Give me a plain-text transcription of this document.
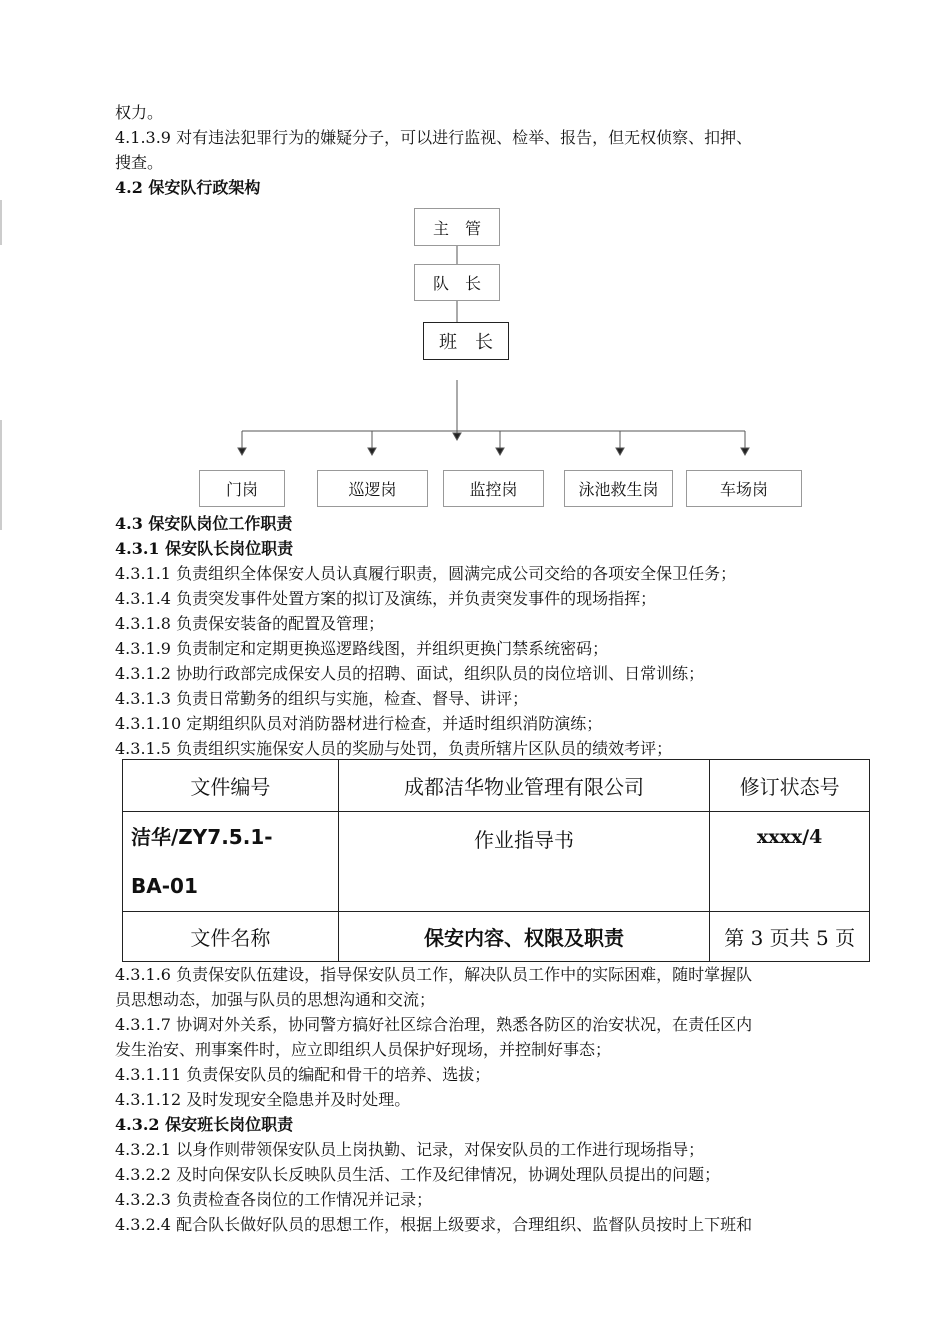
权力。
4.1.3.9 对有违法犯罪行为的嫌疑分子，可以进行监视、检举、报告，但无权侦察、扣押、
搜查。
4.2 保安队行政架构
主　管
队　长
班　长
门岗	巡逻岗	监控岗	泳池救生岗	车场岗
4.3 保安队岗位工作职责
4.3.1 保安队长岗位职责
4.3.1.1 负责组织全体保安人员认真履行职责，圆满完成公司交给的各项安全保卫任务；
4.3.1.4 负责突发事件处置方案的拟订及演练，并负责突发事件的现场指挥；
4.3.1.8 负责保安装备的配置及管理；
4.3.1.9 负责制定和定期更换巡逻路线图，并组织更换门禁系统密码；
4.3.1.2 协助行政部完成保安人员的招聘、面试，组织队员的岗位培训、日常训练；
4.3.1.3 负责日常勤务的组织与实施，检查、督导、讲评；
4.3.1.10 定期组织队员对消防器材进行检查，并适时组织消防演练；
4.3.1.5 负责组织实施保安人员的奖励与处罚，负责所辖片区队员的绩效考评；
文件编号	成都洁华物业管理有限公司	修订状态号
洁华/ZY7.5.1-
BA-01	作业指导书	xxxx/4
文件名称	保安内容、权限及职责	第 3 页共 5 页
4.3.1.6 负责保安队伍建设，指导保安队员工作，解决队员工作中的实际困难，随时掌握队
员思想动态，加强与队员的思想沟通和交流；
4.3.1.7 协调对外关系，协同警方搞好社区综合治理，熟悉各防区的治安状况，在责任区内
发生治安、刑事案件时，应立即组织人员保护好现场，并控制好事态；
4.3.1.11 负责保安队员的编配和骨干的培养、选拔；
4.3.1.12 及时发现安全隐患并及时处理。
4.3.2 保安班长岗位职责
4.3.2.1 以身作则带领保安队员上岗执勤、记录，对保安队员的工作进行现场指导；
4.3.2.2 及时向保安队长反映队员生活、工作及纪律情况，协调处理队员提出的问题；
4.3.2.3 负责检查各岗位的工作情况并记录；
4.3.2.4 配合队长做好队员的思想工作，根据上级要求，合理组织、监督队员按时上下班和
